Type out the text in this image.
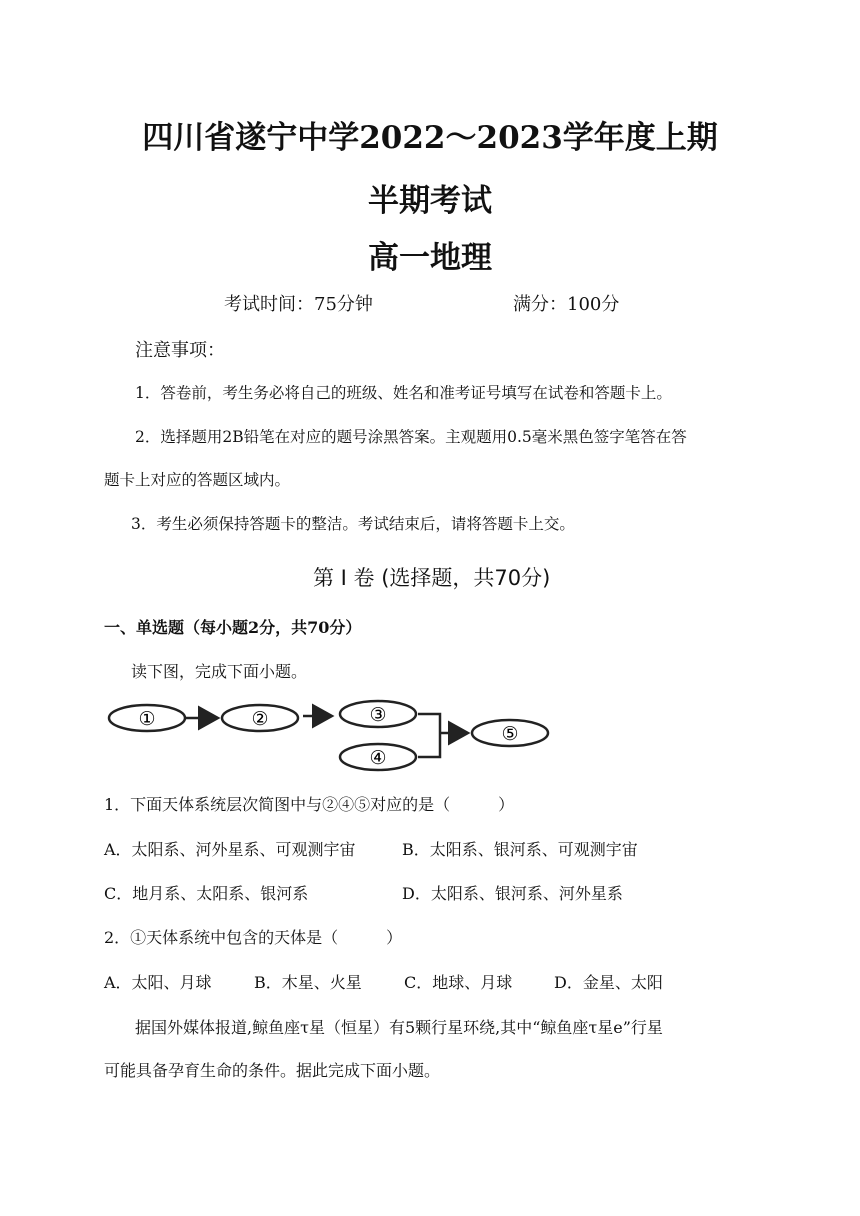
四川省遂宁中学2022～2023学年度上期
半期考试
高一地理
考试时间：75分钟	满分：100分
注意事项：
1．答卷前，考生务必将自己的班级、姓名和准考证号填写在试卷和答题卡上。
2．选择题用2B铅笔在对应的题号涂黑答案。主观题用0.5毫米黑色签字笔答在答
题卡上对应的答题区域内。
3．考生必须保持答题卡的整洁。考试结束后，请将答题卡上交。
第 I 卷 (选择题，共70分)
一、单选题（每小题2分，共70分）
读下图，完成下面小题。
①	②	③
④
⑤
1．下面天体系统层次简图中与②④⑤对应的是（　　　）
A．太阳系、河外星系、可观测宇宙	B．太阳系、银河系、可观测宇宙
C．地月系、太阳系、银河系	D．太阳系、银河系、河外星系
2．①天体系统中包含的天体是（　　　）
A．太阳、月球	B．木星、火星	C．地球、月球	D．金星、太阳
据国外媒体报道,鲸鱼座τ星（恒星）有5颗行星环绕,其中“鲸鱼座τ星e”行星
可能具备孕育生命的条件。据此完成下面小题。
